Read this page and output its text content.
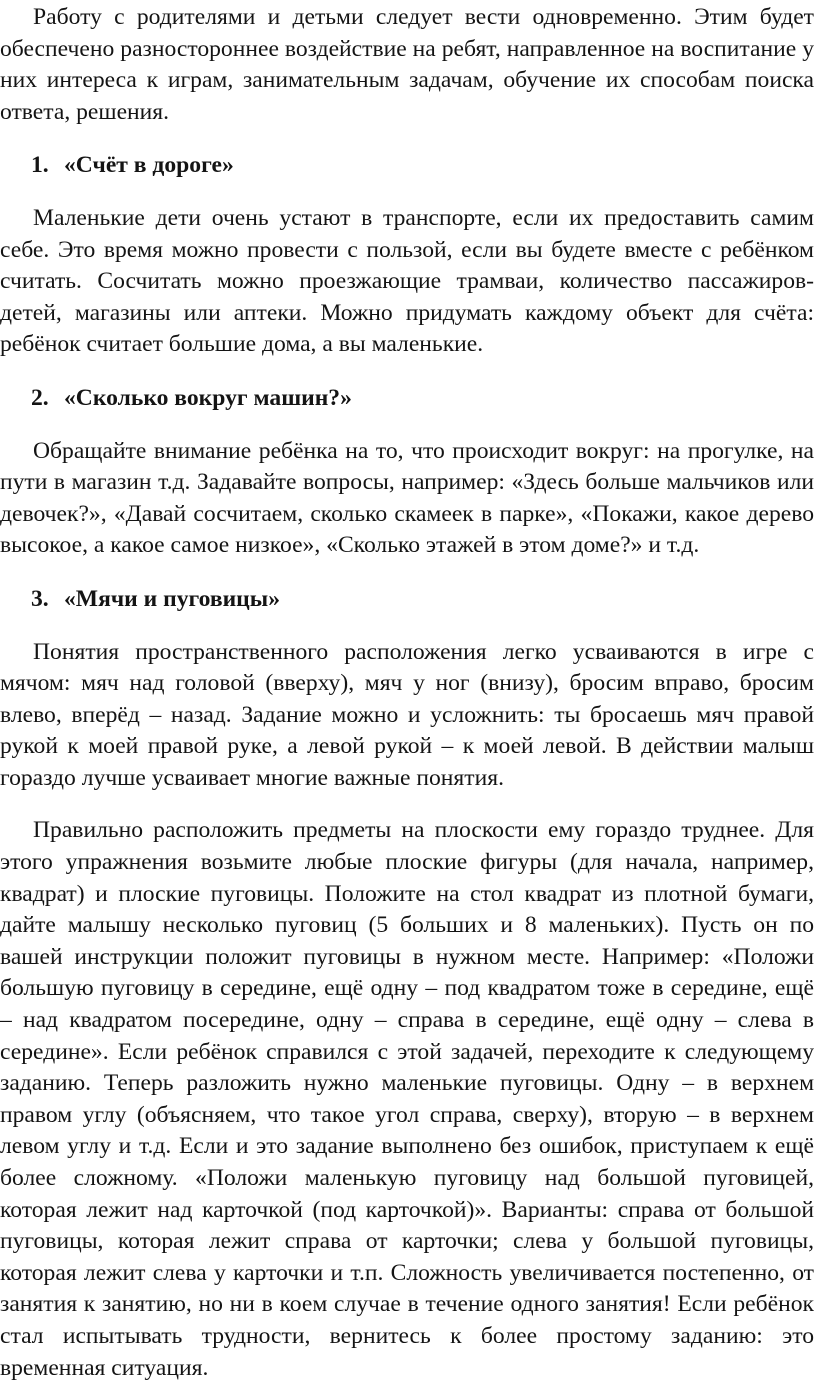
Работу с родителями и детьми следует вести одновременно. Этим будет обеспечено разностороннее воздействие на ребят, направленное на воспитание у них интереса к играм, занимательным задачам, обучение их способам поиска ответа, решения.

1. «Счёт в дороге»

Маленькие дети очень устают в транспорте, если их предоставить самим себе. Это время можно провести с пользой, если вы будете вместе с ребёнком считать. Сосчитать можно проезжающие трамваи, количество пассажиров-детей, магазины или аптеки. Можно придумать каждому объект для счёта: ребёнок считает большие дома, а вы маленькие.

2. «Сколько вокруг машин?»

Обращайте внимание ребёнка на то, что происходит вокруг: на прогулке, на пути в магазин т.д. Задавайте вопросы, например: «Здесь больше мальчиков или девочек?», «Давай сосчитаем, сколько скамеек в парке», «Покажи, какое дерево высокое, а какое самое низкое», «Сколько этажей в этом доме?» и т.д.

3. «Мячи и пуговицы»

Понятия пространственного расположения легко усваиваются в игре с мячом: мяч над головой (вверху), мяч у ног (внизу), бросим вправо, бросим влево, вперёд – назад. Задание можно и усложнить: ты бросаешь мяч правой рукой к моей правой руке, а левой рукой – к моей левой. В действии малыш гораздо лучше усваивает многие важные понятия.

Правильно расположить предметы на плоскости ему гораздо труднее. Для этого упражнения возьмите любые плоские фигуры (для начала, например, квадрат) и плоские пуговицы. Положите на стол квадрат из плотной бумаги, дайте малышу несколько пуговиц (5 больших и 8 маленьких). Пусть он по вашей инструкции положит пуговицы в нужном месте. Например: «Положи большую пуговицу в середине, ещё одну – под квадратом тоже в середине, ещё – над квадратом посередине, одну – справа в середине, ещё одну – слева в середине». Если ребёнок справился с этой задачей, переходите к следующему заданию. Теперь разложить нужно маленькие пуговицы. Одну – в верхнем правом углу (объясняем, что такое угол справа, сверху), вторую – в верхнем левом углу и т.д. Если и это задание выполнено без ошибок, приступаем к ещё более сложному. «Положи маленькую пуговицу над большой пуговицей, которая лежит над карточкой (под карточкой)». Варианты: справа от большой пуговицы, которая лежит справа от карточки; слева у большой пуговицы, которая лежит слева у карточки и т.п. Сложность увеличивается постепенно, от занятия к занятию, но ни в коем случае в течение одного занятия! Если ребёнок стал испытывать трудности, вернитесь к более простому заданию: это временная ситуация.
